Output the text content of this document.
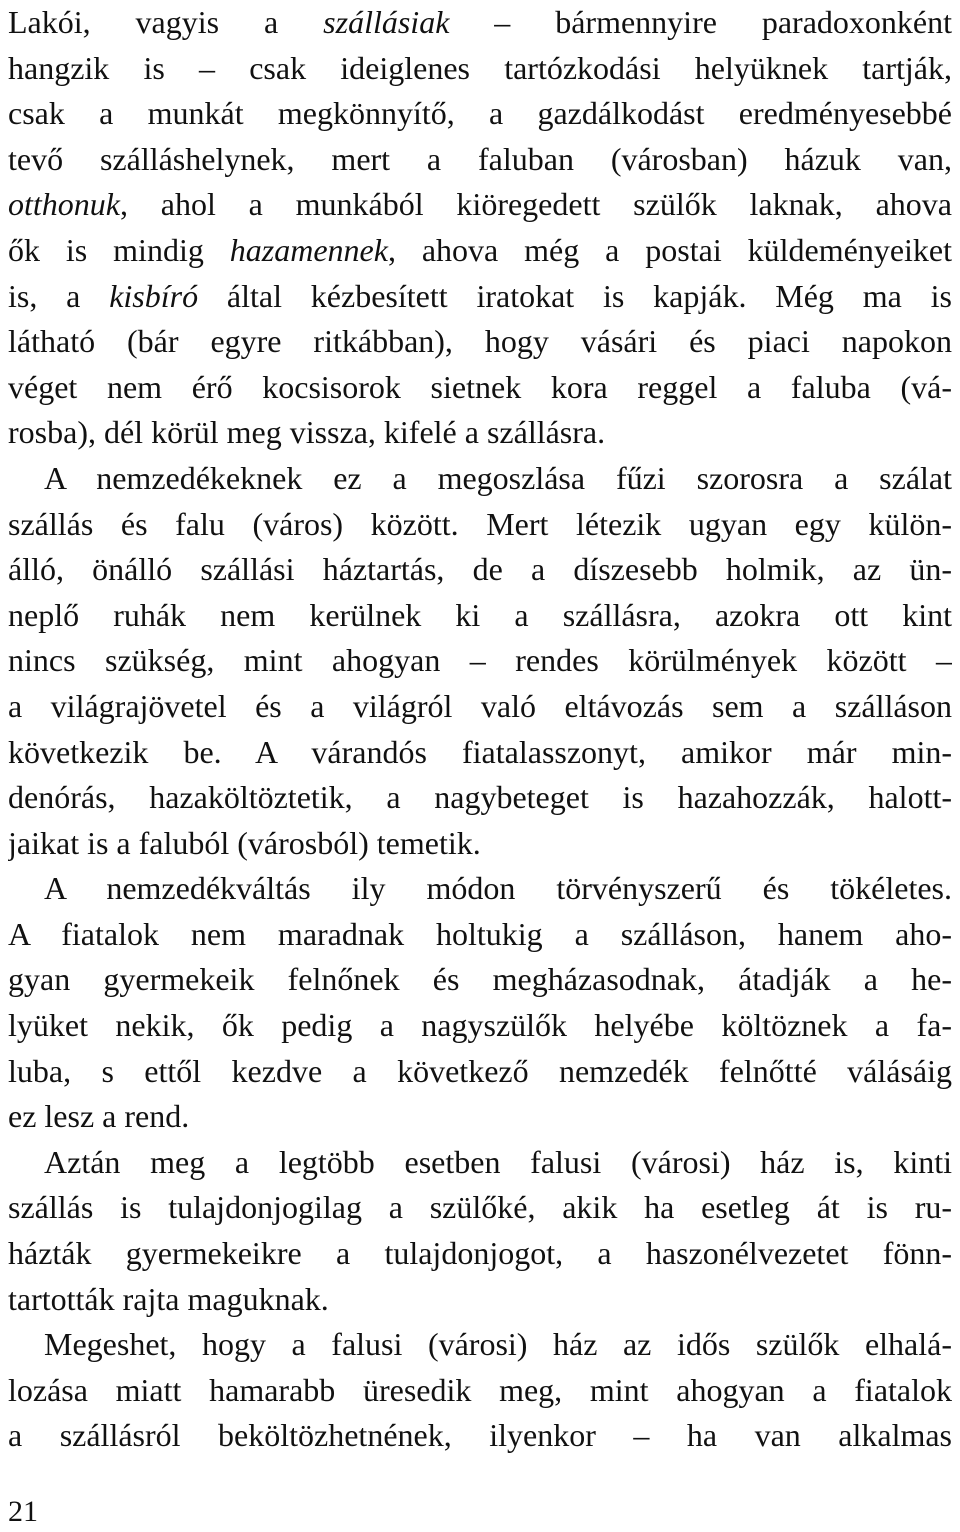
Lakói, vagyis a szállásiak – bármennyire paradoxonként
hangzik is – csak ideiglenes tartózkodási helyüknek tartják,
csak a munkát megkönnyítő, a gazdálkodást eredményesebbé
tevő szálláshelynek, mert a faluban (városban) házuk van,
otthonuk, ahol a munkából kiöregedett szülők laknak, ahova
ők is mindig hazamennek, ahova még a postai küldeményeiket
is, a kisbíró által kézbesített iratokat is kapják. Még ma is
látható (bár egyre ritkábban), hogy vásári és piaci napokon
véget nem érő kocsisorok sietnek kora reggel a faluba (vá-
rosba), dél körül meg vissza, kifelé a szállásra.
A nemzedékeknek ez a megoszlása fűzi szorosra a szálat
szállás és falu (város) között. Mert létezik ugyan egy külön-
álló, önálló szállási háztartás, de a díszesebb holmik, az ün-
neplő ruhák nem kerülnek ki a szállásra, azokra ott kint
nincs szükség, mint ahogyan – rendes körülmények között –
a világrajövetel és a világról való eltávozás sem a szálláson
következik be. A várandós fiatalasszonyt, amikor már min-
denórás, hazaköltöztetik, a nagybeteget is hazahozzák, halott-
jaikat is a faluból (városból) temetik.
A nemzedékváltás ily módon törvényszerű és tökéletes.
A fiatalok nem maradnak holtukig a szálláson, hanem aho-
gyan gyermekeik felnőnek és megházasodnak, átadják a he-
lyüket nekik, ők pedig a nagyszülők helyébe költöznek a fa-
luba, s ettől kezdve a következő nemzedék felnőtté válásáig
ez lesz a rend.
Aztán meg a legtöbb esetben falusi (városi) ház is, kinti
szállás is tulajdonjogilag a szülőké, akik ha esetleg át is ru-
házták gyermekeikre a tulajdonjogot, a haszonélvezetet fönn-
tartották rajta maguknak.
Megeshet, hogy a falusi (városi) ház az idős szülők elhalá-
lozása miatt hamarabb üresedik meg, mint ahogyan a fiatalok
a szállásról beköltözhetnének, ilyenkor – ha van alkalmas
21
